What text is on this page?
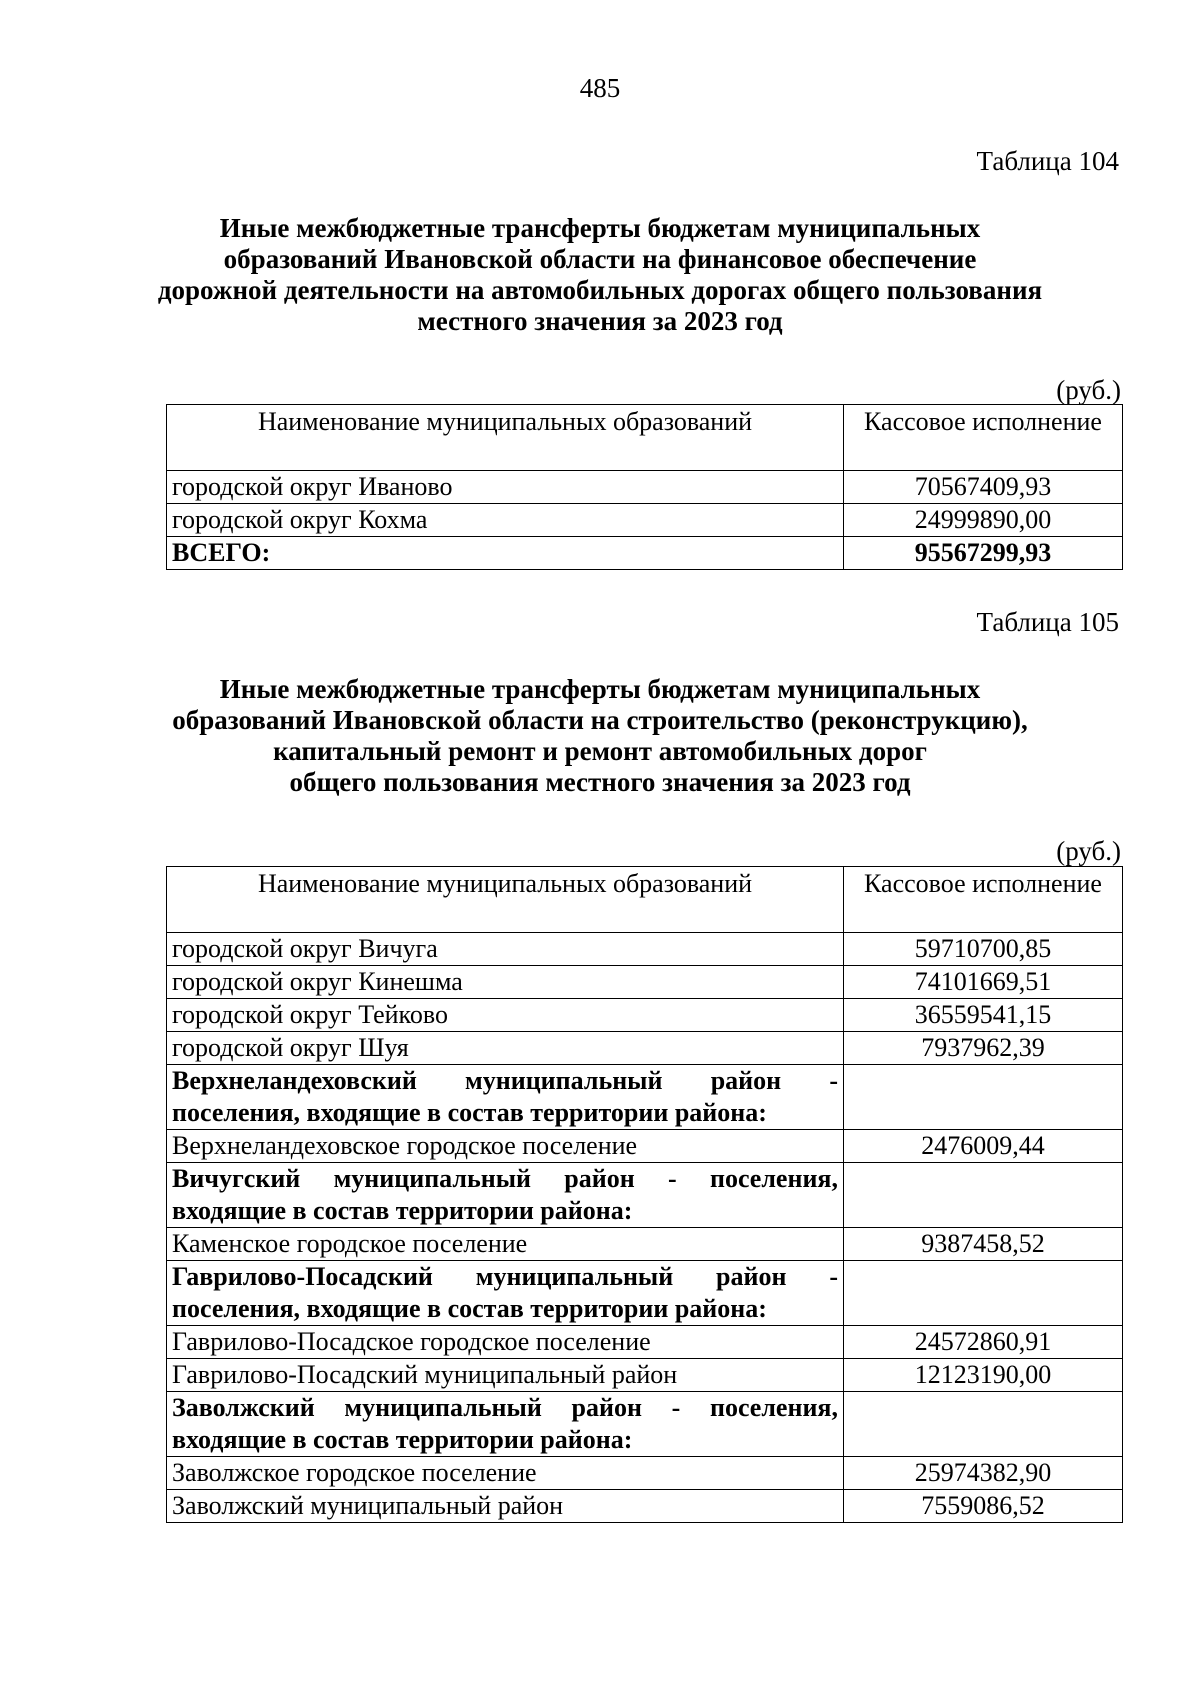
485
Таблица 104
Иные межбюджетные трансферты бюджетам муниципальных
образований Ивановской области на финансовое обеспечение
дорожной деятельности на автомобильных дорогах общего пользования
местного значения за 2023 год
(руб.)
Наименование муниципальных образований	Кассовое исполнение
городской округ Иваново	70567409,93
городской округ Кохма	24999890,00
ВСЕГО:	95567299,93
Таблица 105
Иные межбюджетные трансферты бюджетам муниципальных
образований Ивановской области на строительство (реконструкцию),
капитальный ремонт и ремонт автомобильных дорог
общего пользования местного значения за 2023 год
(руб.)
Наименование муниципальных образований	Кассовое исполнение
городской округ Вичуга	59710700,85
городской округ Кинешма	74101669,51
городской округ Тейково	36559541,15
городской округ Шуя	7937962,39
Верхнеландеховский муниципальный район - поселения, входящие в состав территории района:	
Верхнеландеховское городское поселение	2476009,44
Вичугский муниципальный район - поселения, входящие в состав территории района:	
Каменское городское поселение	9387458,52
Гаврилово-Посадский муниципальный район - поселения, входящие в состав территории района:	
Гаврилово-Посадское городское поселение	24572860,91
Гаврилово-Посадский муниципальный район	12123190,00
Заволжский муниципальный район - поселения, входящие в состав территории района:	
Заволжское городское поселение	25974382,90
Заволжский муниципальный район	7559086,52
